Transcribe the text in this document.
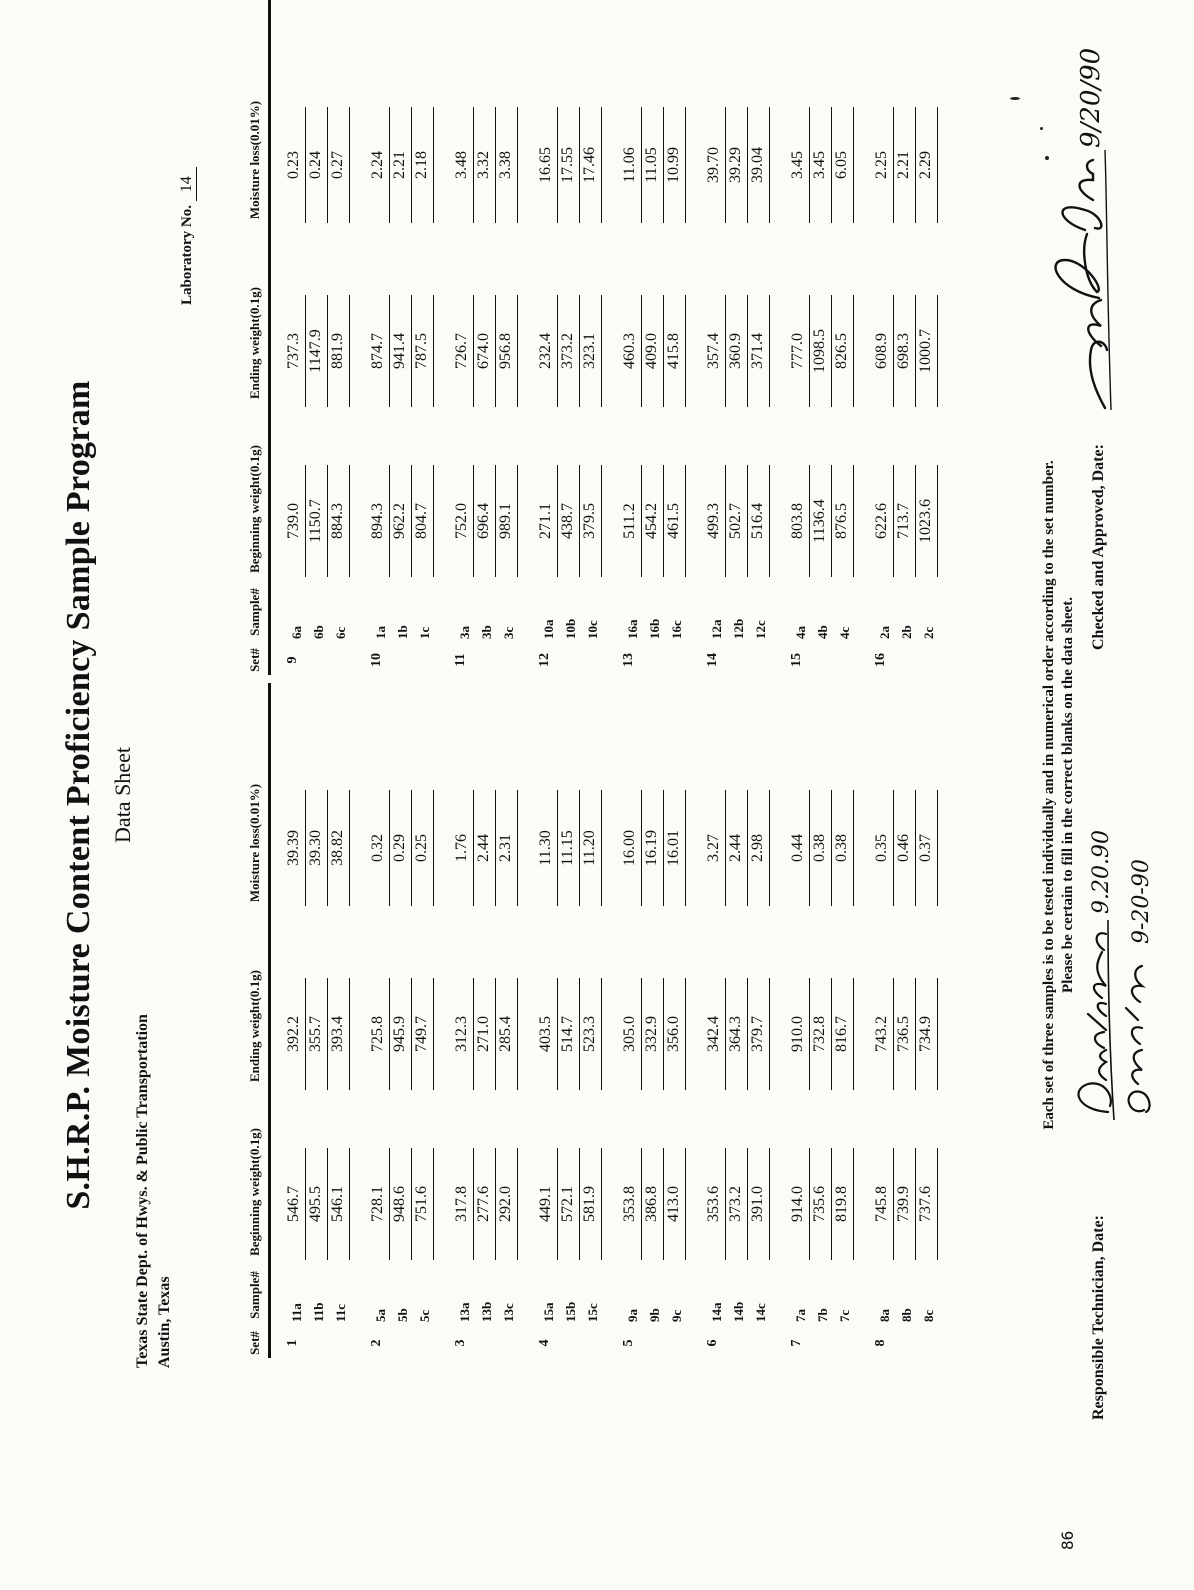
S.H.R.P. Moisture Content Proficiency Sample Program Data Sheet
Texas State Dept. of Hwys. & Public Transportation Austin, Texas
Laboratory No. 14
86
Set#
Sample#
Beginning weight(0.1g)
Ending weight(0.1g)
Moisture loss(0.01%)
1
11a
546.7
392.2
39.39
11b
495.5
355.7
39.30
11c
546.1
393.4
38.82
2
5a
728.1
725.8
0.32
5b
948.6
945.9
0.29
5c
751.6
749.7
0.25
3
13a
317.8
312.3
1.76
13b
277.6
271.0
2.44
13c
292.0
285.4
2.31
4
15a
449.1
403.5
11.30
15b
572.1
514.7
11.15
15c
581.9
523.3
11.20
5
9a
353.8
305.0
16.00
9b
386.8
332.9
16.19
9c
413.0
356.0
16.01
6
14a
353.6
342.4
3.27
14b
373.2
364.3
2.44
14c
391.0
379.7
2.98
7
7a
914.0
910.0
0.44
7b
735.6
732.8
0.38
7c
819.8
816.7
0.38
8
8a
745.8
743.2
0.35
8b
739.9
736.5
0.46
8c
737.6
734.9
0.37
Set#
Sample#
Beginning weight(0.1g)
Ending weight(0.1g)
Moisture loss(0.01%)
9
6a
739.0
737.3
0.23
6b
1150.7
1147.9
0.24
6c
884.3
881.9
0.27
10
1a
894.3
874.7
2.24
1b
962.2
941.4
2.21
1c
804.7
787.5
2.18
11
3a
752.0
726.7
3.48
3b
696.4
674.0
3.32
3c
989.1
956.8
3.38
12
10a
271.1
232.4
16.65
10b
438.7
373.2
17.55
10c
379.5
323.1
17.46
13
16a
511.2
460.3
11.06
16b
454.2
409.0
11.05
16c
461.5
415.8
10.99
14
12a
499.3
357.4
39.70
12b
502.7
360.9
39.29
12c
516.4
371.4
39.04
15
4a
803.8
777.0
3.45
4b
1136.4
1098.5
3.45
4c
876.5
826.5
6.05
16
2a
622.6
608.9
2.25
2b
713.7
698.3
2.21
2c
1023.6
1000.7
2.29
Each set of three samples is to be tested individually and in numerical order according to the set number. Please be certain to fill in the correct blanks on the data sheet.
Responsible Technician, Date:
9.20.90 9-20-90
Checked and Approved, Date:
9/20/90
